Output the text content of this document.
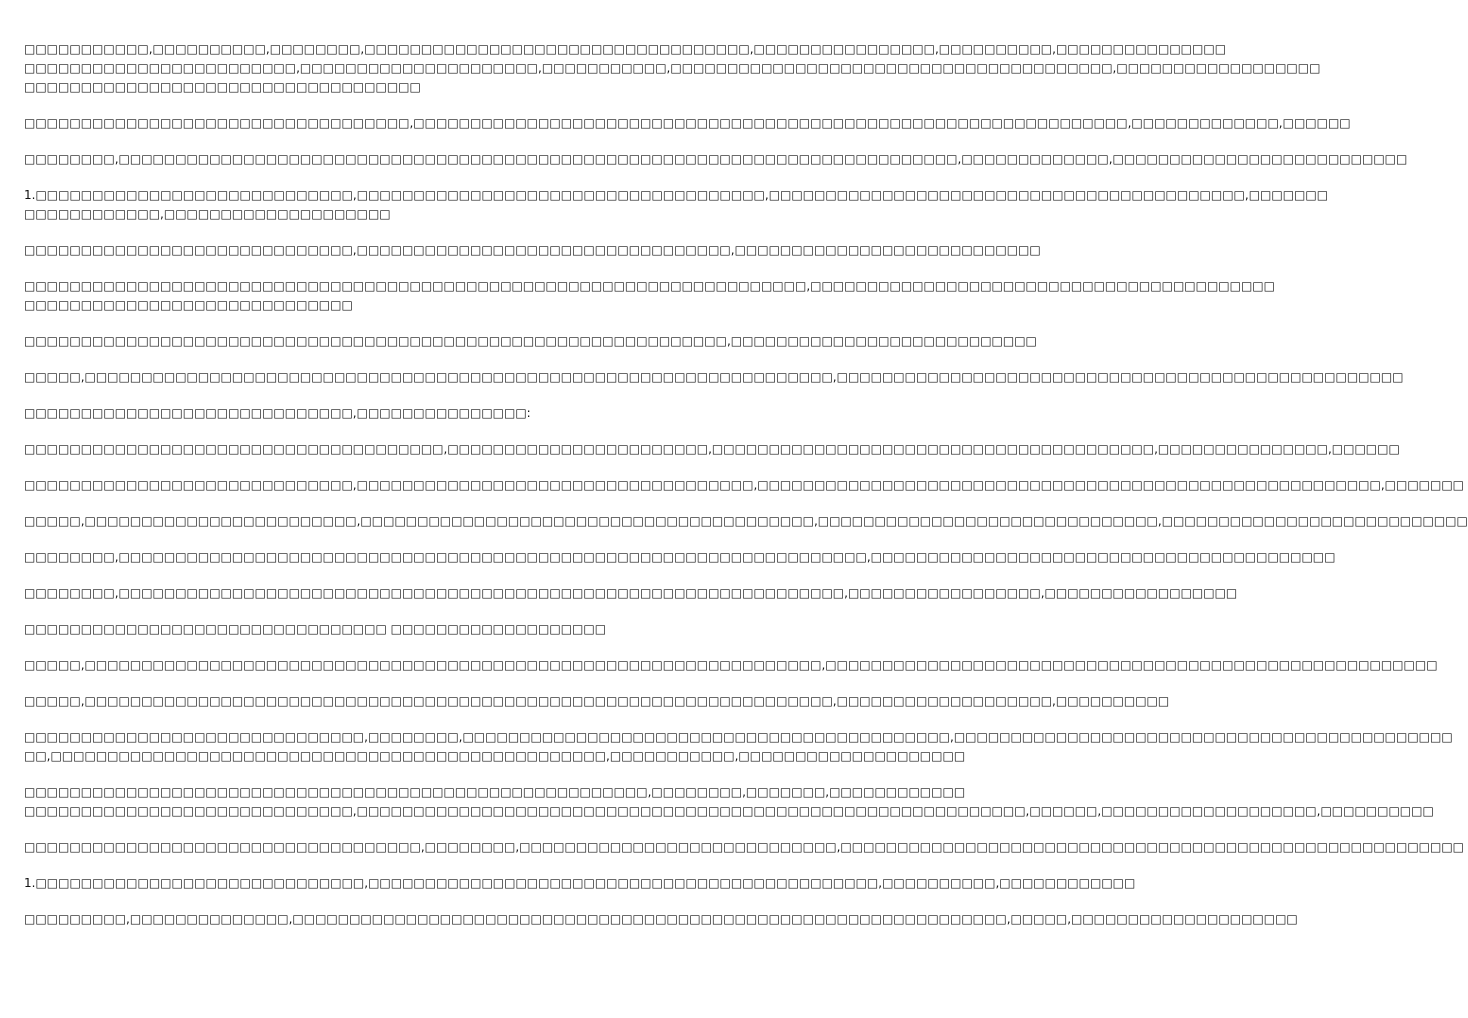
□□□□□□□□□□□,□□□□□□□□□□,□□□□□□□□,□□□□□□□□□□□□□□□□□□□□□□□□□□□□□□□□□□,□□□□□□□□□□□□□□□□,□□□□□□□□□□,□□□□□□□□□□□□□□□
□□□□□□□□□□□□□□□□□□□□□□□□,□□□□□□□□□□□□□□□□□□□□□,□□□□□□□□□□□,□□□□□□□□□□□□□□□□□□□□□□□□□□□□□□□□□□□□□□□,□□□□□□□□□□□□□□□□□□
□□□□□□□□□□□□□□□□□□□□□□□□□□□□□□□□□□□
□□□□□□□□□□□□□□□□□□□□□□□□□□□□□□□□□□,□□□□□□□□□□□□□□□□□□□□□□□□□□□□□□□□□□□□□□□□□□□□□□□□□□□□□□□□□□□□□□□,□□□□□□□□□□□□□,□□□□□□
□□□□□□□□,□□□□□□□□□□□□□□□□□□□□□□□□□□□□□□□□□□□□□□□□□□□□□□□□□□□□□□□□□□□□□□□□□□□□□□□□□□,□□□□□□□□□□□□□,□□□□□□□□□□□□□□□□□□□□□□□□□□
1.□□□□□□□□□□□□□□□□□□□□□□□□□□□□,□□□□□□□□□□□□□□□□□□□□□□□□□□□□□□□□□□□□,□□□□□□□□□□□□□□□□□□□□□□□□□□□□□□□□□□□□□□□□□□,□□□□□□□
□□□□□□□□□□□□,□□□□□□□□□□□□□□□□□□□□
□□□□□□□□□□□□□□□□□□□□□□□□□□□□□,□□□□□□□□□□□□□□□□□□□□□□□□□□□□□□□□□,□□□□□□□□□□□□□□□□□□□□□□□□□□□
□□□□□□□□□□□□□□□□□□□□□□□□□□□□□□□□□□□□□□□□□□□□□□□□□□□□□□□□□□□□□□□□□□□□□,□□□□□□□□□□□□□□□□□□□□□□□□□□□□□□□□□□□□□□□□□
□□□□□□□□□□□□□□□□□□□□□□□□□□□□□
□□□□□□□□□□□□□□□□□□□□□□□□□□□□□□□□□□□□□□□□□□□□□□□□□□□□□□□□□□□□□□,□□□□□□□□□□□□□□□□□□□□□□□□□□□
□□□□□,□□□□□□□□□□□□□□□□□□□□□□□□□□□□□□□□□□□□□□□□□□□□□□□□□□□□□□□□□□□□□□□□□□,□□□□□□□□□□□□□□□□□□□□□□□□□□□□□□□□□□□□□□□□□□□□□□□□□□
□□□□□□□□□□□□□□□□□□□□□□□□□□□□□,□□□□□□□□□□□□□□□:
□□□□□□□□□□□□□□□□□□□□□□□□□□□□□□□□□□□□□,□□□□□□□□□□□□□□□□□□□□□□□,□□□□□□□□□□□□□□□□□□□□□□□□□□□□□□□□□□□□□□□,□□□□□□□□□□□□□□□,□□□□□□
□□□□□□□□□□□□□□□□□□□□□□□□□□□□□,□□□□□□□□□□□□□□□□□□□□□□□□□□□□□□□□□□□,□□□□□□□□□□□□□□□□□□□□□□□□□□□□□□□□□□□□□□□□□□□□□□□□□□□□□□□,□□□□□□□
□□□□□,□□□□□□□□□□□□□□□□□□□□□□□□,□□□□□□□□□□□□□□□□□□□□□□□□□□□□□□□□□□□□□□□□,□□□□□□□□□□□□□□□□□□□□□□□□□□□□□□,□□□□□□□□□□□□□□□□□□□□□□□□□□□
□□□□□□□□,□□□□□□□□□□□□□□□□□□□□□□□□□□□□□□□□□□□□□□□□□□□□□□□□□□□□□□□□□□□□□□□□□□,□□□□□□□□□□□□□□□□□□□□□□□□□□□□□□□□□□□□□□□□□
□□□□□□□□,□□□□□□□□□□□□□□□□□□□□□□□□□□□□□□□□□□□□□□□□□□□□□□□□□□□□□□□□□□□□□□□□,□□□□□□□□□□□□□□□□□,□□□□□□□□□□□□□□□□□
□□□□□□□□□□□□□□□□□□□□□□□□□□□□□□□□ □□□□□□□□□□□□□□□□□□□
□□□□□,□□□□□□□□□□□□□□□□□□□□□□□□□□□□□□□□□□□□□□□□□□□□□□□□□□□□□□□□□□□□□□□□□,□□□□□□□□□□□□□□□□□□□□□□□□□□□□□□□□□□□□□□□□□□□□□□□□□□□□□□
□□□□□,□□□□□□□□□□□□□□□□□□□□□□□□□□□□□□□□□□□□□□□□□□□□□□□□□□□□□□□□□□□□□□□□□□,□□□□□□□□□□□□□□□□□□□,□□□□□□□□□□
□□□□□□□□□□□□□□□□□□□□□□□□□□□□□□,□□□□□□□□,□□□□□□□□□□□□□□□□□□□□□□□□□□□□□□□□□□□□□□□□□□□,□□□□□□□□□□□□□□□□□□□□□□□□□□□□□□□□□□□□□□□□□□□□
□□,□□□□□□□□□□□□□□□□□□□□□□□□□□□□□□□□□□□□□□□□□□□□□□□□□,□□□□□□□□□□□,□□□□□□□□□□□□□□□□□□□□
□□□□□□□□□□□□□□□□□□□□□□□□□□□□□□□□□□□□□□□□□□□□□□□□□□□□□□□,□□□□□□□□,□□□□□□□,□□□□□□□□□□□□
□□□□□□□□□□□□□□□□□□□□□□□□□□□□□,□□□□□□□□□□□□□□□□□□□□□□□□□□□□□□□□□□□□□□□□□□□□□□□□□□□□□□□□□□□,□□□□□□,□□□□□□□□□□□□□□□□□□□,□□□□□□□□□□
□□□□□□□□□□□□□□□□□□□□□□□□□□□□□□□□□□□,□□□□□□□□,□□□□□□□□□□□□□□□□□□□□□□□□□□□□,□□□□□□□□□□□□□□□□□□□□□□□□□□□□□□□□□□□□□□□□□□□□□□□□□□□□□□□
1.□□□□□□□□□□□□□□□□□□□□□□□□□□□□□,□□□□□□□□□□□□□□□□□□□□□□□□□□□□□□□□□□□□□□□□□□□□□,□□□□□□□□□□,□□□□□□□□□□□□
□□□□□□□□□,□□□□□□□□□□□□□□,□□□□□□□□□□□□□□□□□□□□□□□□□□□□□□□□□□□□□□□□□□□□□□□□□□□□□□□□□□□□□□□,□□□□□,□□□□□□□□□□□□□□□□□□□□
